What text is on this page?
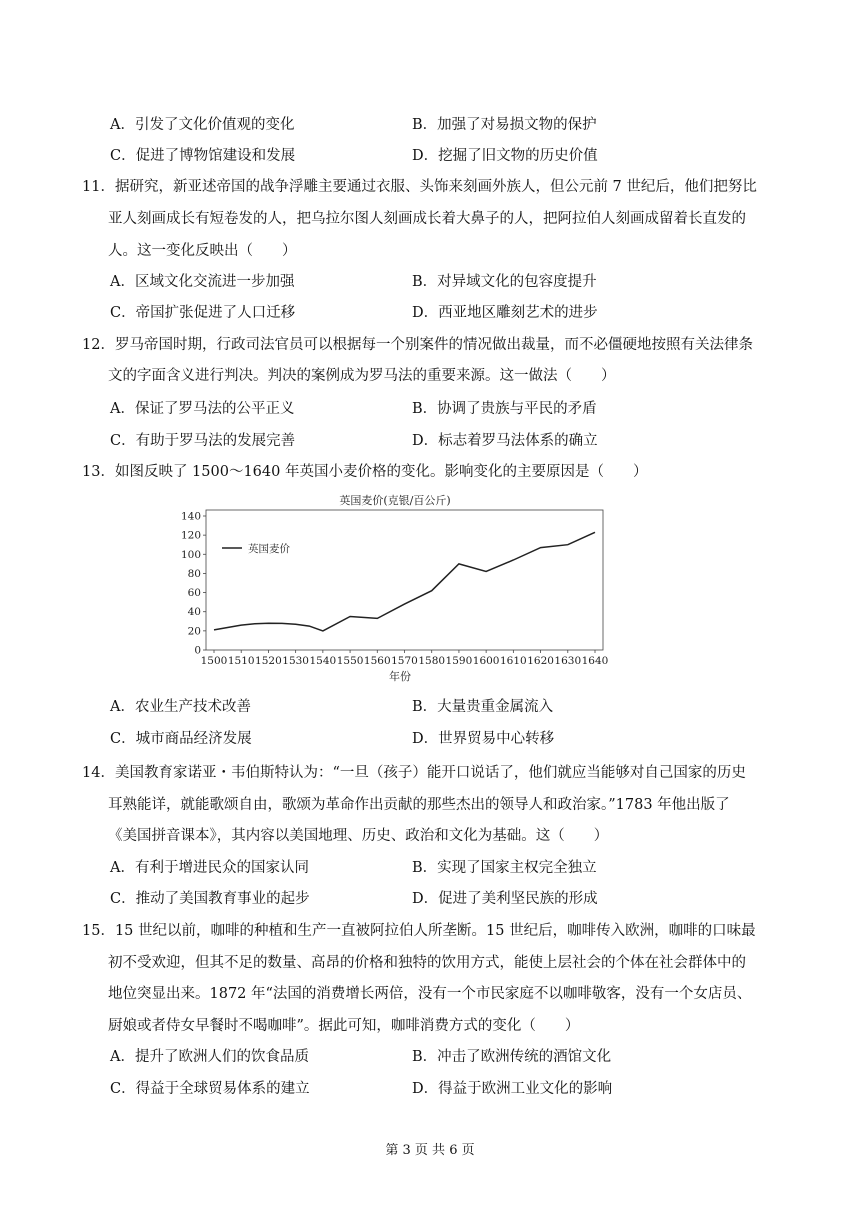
A．引发了文化价值观的变化	B．加强了对易损文物的保护
C．促进了博物馆建设和发展	D．挖掘了旧文物的历史价值
11．据研究，新亚述帝国的战争浮雕主要通过衣服、头饰来刻画外族人，但公元前 7 世纪后，他们把努比
亚人刻画成长有短卷发的人，把乌拉尔图人刻画成长着大鼻子的人，把阿拉伯人刻画成留着长直发的
人。这一变化反映出（　　）
A．区域文化交流进一步加强	B．对异域文化的包容度提升
C．帝国扩张促进了人口迁移	D．西亚地区雕刻艺术的进步
12．罗马帝国时期，行政司法官员可以根据每一个别案件的情况做出裁量，而不必僵硬地按照有关法律条
文的字面含义进行判决。判决的案例成为罗马法的重要来源。这一做法（　　）
A．保证了罗马法的公平正义	B．协调了贵族与平民的矛盾
C．有助于罗马法的发展完善	D．标志着罗马法体系的确立
13．如图反映了 1500～1640 年英国小麦价格的变化。影响变化的主要原因是（　　）
英国麦价(克银/百公斤)
0
20
40
60
80
100
120
140
1500 1510 1520 1530 1540 1550 1560 1570 1580 1590 1600 1610 1620 1630 1640
英国麦价
年份
A．农业生产技术改善	B．大量贵重金属流入
C．城市商品经济发展	D．世界贸易中心转移
14．美国教育家诺亚・韦伯斯特认为：“一旦（孩子）能开口说话了，他们就应当能够对自己国家的历史
耳熟能详，就能歌颂自由，歌颂为革命作出贡献的那些杰出的领导人和政治家。”1783 年他出版了
《美国拼音课本》，其内容以美国地理、历史、政治和文化为基础。这（　　）
A．有利于增进民众的国家认同	B．实现了国家主权完全独立
C．推动了美国教育事业的起步	D．促进了美利坚民族的形成
15．15 世纪以前，咖啡的种植和生产一直被阿拉伯人所垄断。15 世纪后，咖啡传入欧洲，咖啡的口味最
初不受欢迎，但其不足的数量、高昂的价格和独特的饮用方式，能使上层社会的个体在社会群体中的
地位突显出来。1872 年“法国的消费增长两倍，没有一个市民家庭不以咖啡敬客，没有一个女店员、
厨娘或者侍女早餐时不喝咖啡”。据此可知，咖啡消费方式的变化（　　）
A．提升了欧洲人们的饮食品质	B．冲击了欧洲传统的酒馆文化
C．得益于全球贸易体系的建立	D．得益于欧洲工业文化的影响
第 3 页 共 6 页
